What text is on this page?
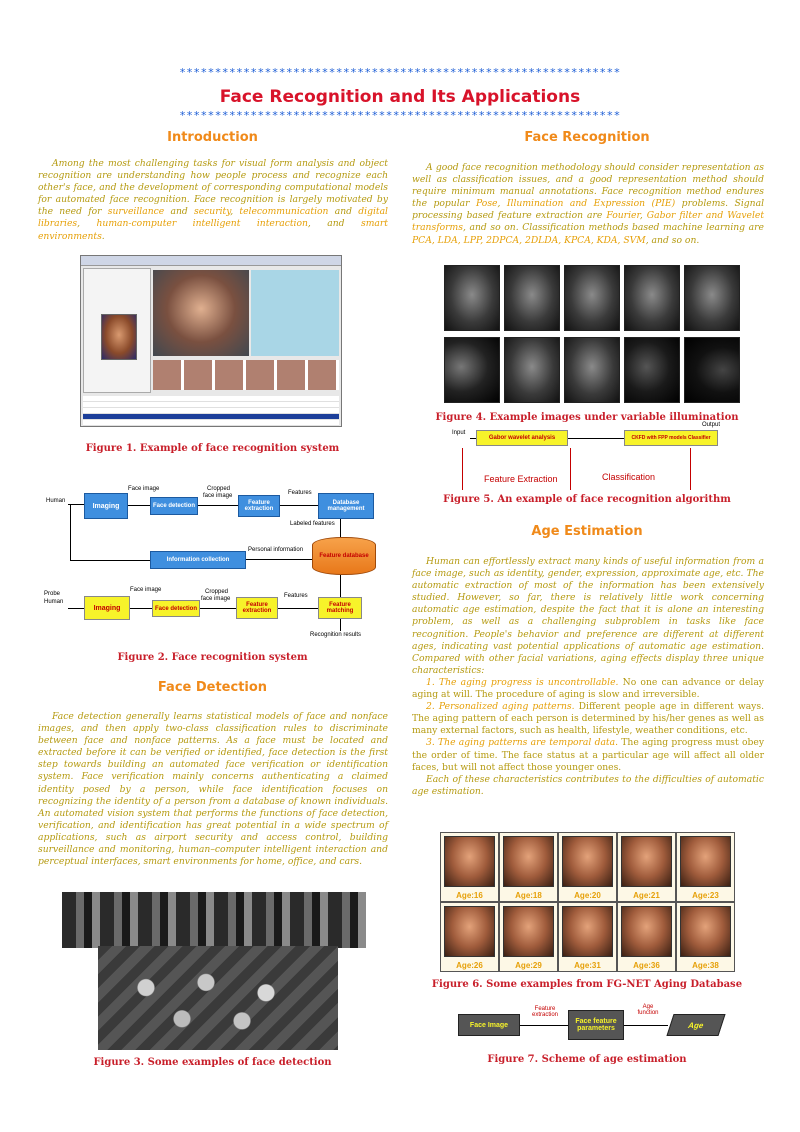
**************************************************************
Face Recognition and Its Applications
**************************************************************
Introduction
Among the most challenging tasks for visual form analysis and object recognition are understanding how people process and recognize each other's face, and the development of corresponding computational models for automated face recognition. Face recognition is largely motivated by the need for surveillance and security, telecommunication and digital libraries, human-computer intelligent interaction, and smart environments.
Figure 1. Example of face recognition system
Human
Imaging
Face image
Face detection
Cropped
face image
Feature extraction
Features
Database management
Labeled features
Information collection
Personal information
Feature database
Probe
Human
Imaging
Face image
Face detection
Cropped
face image
Feature extraction
Features
Feature matching
Recognition results
Figure 2. Face recognition system
Face Detection
Face detection generally learns statistical models of face and nonface images, and then apply two-class classification rules to discriminate between face and nonface patterns. As a face must be located and extracted before it can be verified or identified, face detection is the first step towards building an automated face verification or identification system. Face verification mainly concerns authenticating a claimed identity posed by a person, while face identification focuses on recognizing the identity of a person from a database of known individuals. An automated vision system that performs the functions of face detection, verification, and identification has great potential in a wide spectrum of applications, such as airport security and access control, building surveillance and monitoring, human–computer intelligent interaction and perceptual interfaces, smart environments for home, office, and cars.
Figure 3. Some examples of face detection
Face Recognition
A good face recognition methodology should consider representation as well as classification issues, and a good representation method should require minimum manual annotations. Face recognition method endures the popular Pose, Illumination and Expression (PIE) problems. Signal processing based feature extraction are Fourier, Gabor filter and Wavelet transforms, and so on. Classification methods based machine learning are PCA, LDA, LPP, 2DPCA, 2DLDA, KPCA, KDA, SVM, and so on.
Figure 4. Example images under variable illumination
Input
Gabor wavelet analysis	CKFD with FPP models Classifier
Output
Feature Extraction	Classification
Figure 5. An example of face recognition algorithm
Age Estimation

Human can effortlessly extract many kinds of useful information from a face image, such as identity, gender, expression, approximate age, etc. The automatic extraction of most of the information has been extensively studied. However, so far, there is relatively little work concerning automatic age estimation, despite the fact that it is alone an interesting problem, as well as a challenging subproblem in tasks like face recognition. People's behavior and preference are different at different ages, indicating vast potential applications of automatic age estimation. Compared with other facial variations, aging effects display three unique characteristics:

1. The aging progress is uncontrollable. No one can advance or delay aging at will. The procedure of aging is slow and irreversible.

2. Personalized aging patterns. Different people age in different ways. The aging pattern of each person is determined by his/her genes as well as many external factors, such as health, lifestyle, weather conditions, etc.

3. The aging patterns are temporal data. The aging progress must obey the order of time. The face status at a particular age will affect all older faces, but will not affect those younger ones.

Each of these characteristics contributes to the difficulties of automatic age estimation.

Age:16	Age:18	Age:20	Age:21	Age:23
Age:26	Age:29	Age:31	Age:36	Age:38
Figure 6. Some examples from FG-NET Aging Database
Face Image
Feature extraction
Face feature parameters
Age function
Age
Figure 7. Scheme of age estimation
